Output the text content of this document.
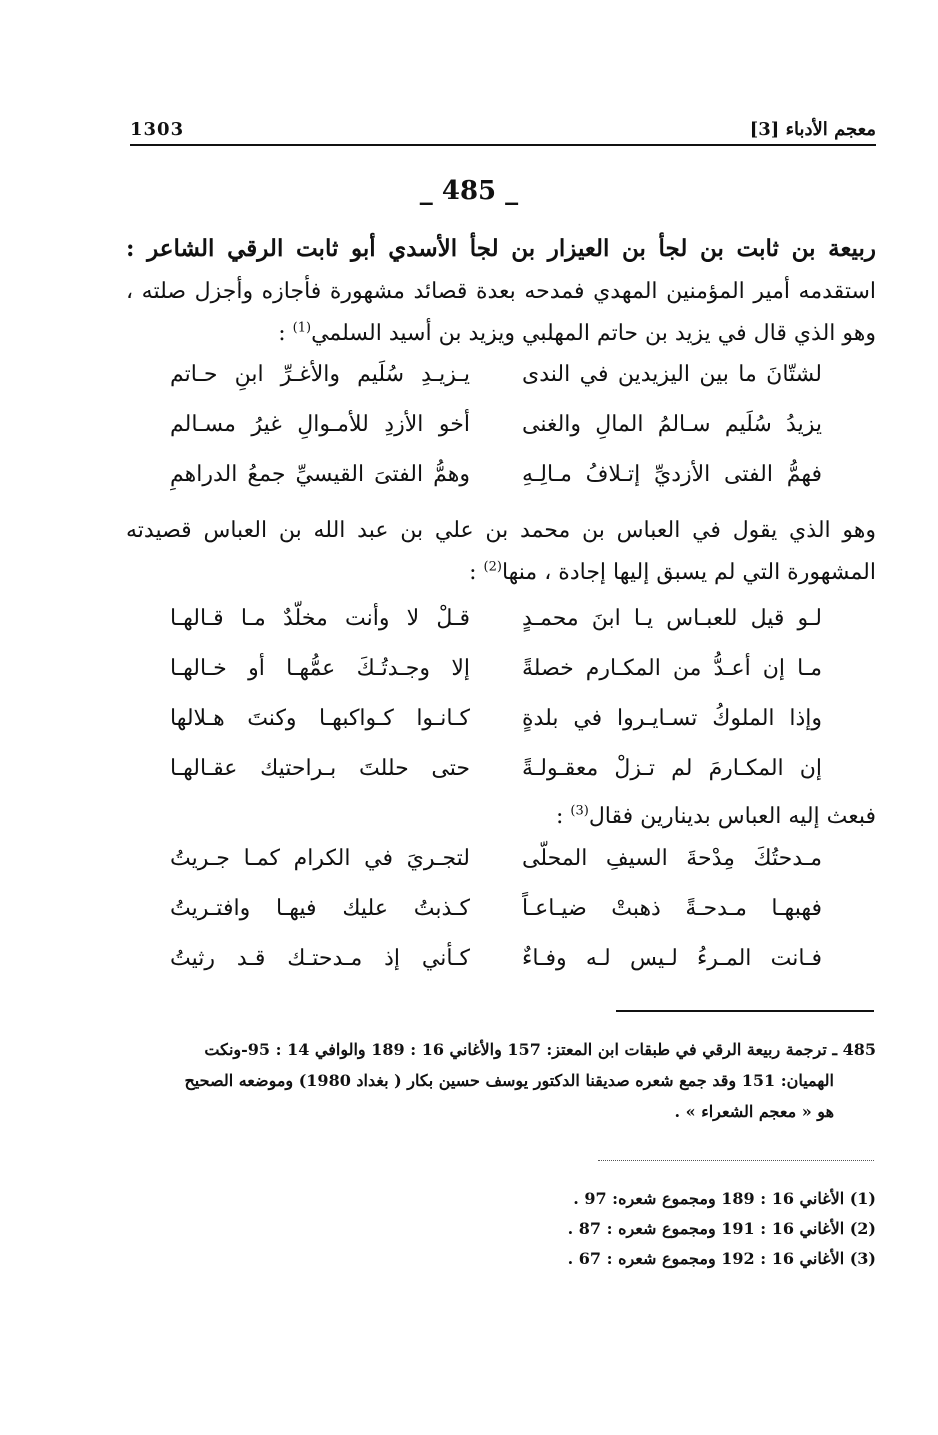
معجم الأدباء [3]
1303
_ 485 _
ربيعة بن ثابت بن لجأ بن العيزار بن لجأ الأسدي أبو ثابت الرقي الشاعر : استقدمه أمير المؤمنين المهدي فمدحه بعدة قصائد مشهورة فأجازه وأجزل صلته ، وهو الذي قال في يزيد بن حاتم المهلبي ويزيد بن أسيد السلمي$^{(1)}$ :
لشتّانَ ما بين اليزيدين في الندى
يـزيـدِ سُلَيم والأغـرِّ ابنِ حـاتم
يزيدُ سُلَيم سـالمُ المالِ والغنى
أخو الأزدِ للأمـوالِ غيرُ مسـالم
فهمُّ الفتى الأزديِّ إتـلافُ مـالِـهِ
وهمُّ الفتىَ القيسيِّ جمعُ الدراهمِ
وهو الذي يقول في العباس بن محمد بن علي بن عبد الله بن العباس قصيدته المشهورة التي لم يسبق إليها إجادة ، منها$^{(2)}$ :
لـو قيل للعبـاس يـا ابنَ محمـدٍ
قـلْ لا وأنت مخلّدٌ مـا قـالهـا
مـا إن أعـدُّ من المكـارم خصلةً
إلا وجـدتُـكَ عمُّهـا أو خـالهـا
وإذا الملوكُ تسـايـروا في بلدةٍ
كـانـوا كـواكبهـا وكنتَ هـلالها
إن المكـارمَ لم تـزلْ معقـولـةً
حتى حللتَ بـراحتيك عقـالهـا
فبعث إليه العباس بدينارين فقال$^{(3)}$ :
مـدحتُكَ مِدْحةَ السيفِ المحلّى
لتجـريَ في الكرام كمـا جـريتُ
فهبهـا مـدحـةً ذهبتْ ضيـاعـاً
كـذبتُ عليك فيهـا وافتـريتُ
فـانت المـرءُ لـيس لـه وفـاءٌ
كـأني إذ مـدحتـك قـد رثيتُ
485 ـ ترجمة ربيعة الرقي في طبقات ابن المعتز: 157 والأغاني 16 : 189 والوافي 14 : 95-ونكت
الهميان: 151 وقد جمع شعره صديقنا الدكتور يوسف حسين بكار ( بغداد 1980) وموضعه الصحيح
هو « معجم الشعراء » .
(1) الأغاني 16 : 189 ومجموع شعره: 97 .
(2) الأغاني 16 : 191 ومجموع شعره : 87 .
(3) الأغاني 16 : 192 ومجموع شعره : 67 .
